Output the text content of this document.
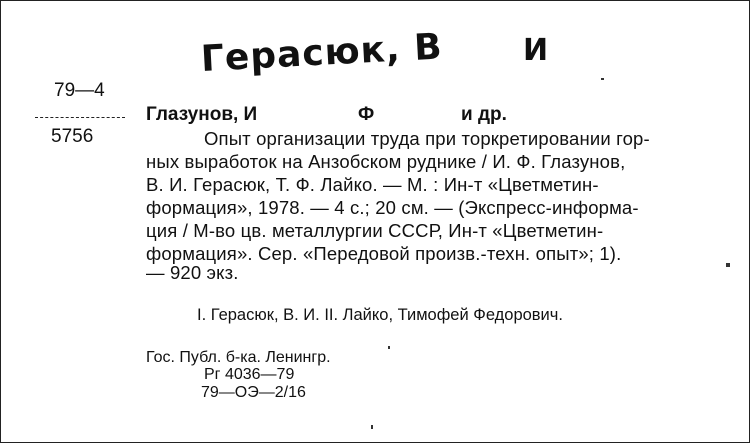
Герасюк, В	И
79—4
5756
Глазунов, И	Ф	и др.
Опыт организации труда при торкретировании гор-
ных выработок на Анзобском руднике / И. Ф. Глазунов,
В. И. Герасюк, Т. Ф. Лайко. — М. : Ин-т «Цветметин-
формация», 1978. — 4 с.; 20 см. — (Экспресс-информа-
ция / М-во цв. металлургии СССР, Ин-т «Цветметин-
формация». Сер. «Передовой произв.-техн. опыт»; 1).
— 920 экз.
I. Герасюк, В. И. II. Лайко, Тимофей Федорович.
Гос. Публ. б-ка. Ленингр.
Рг 4036—79
79—ОЭ—2/16
